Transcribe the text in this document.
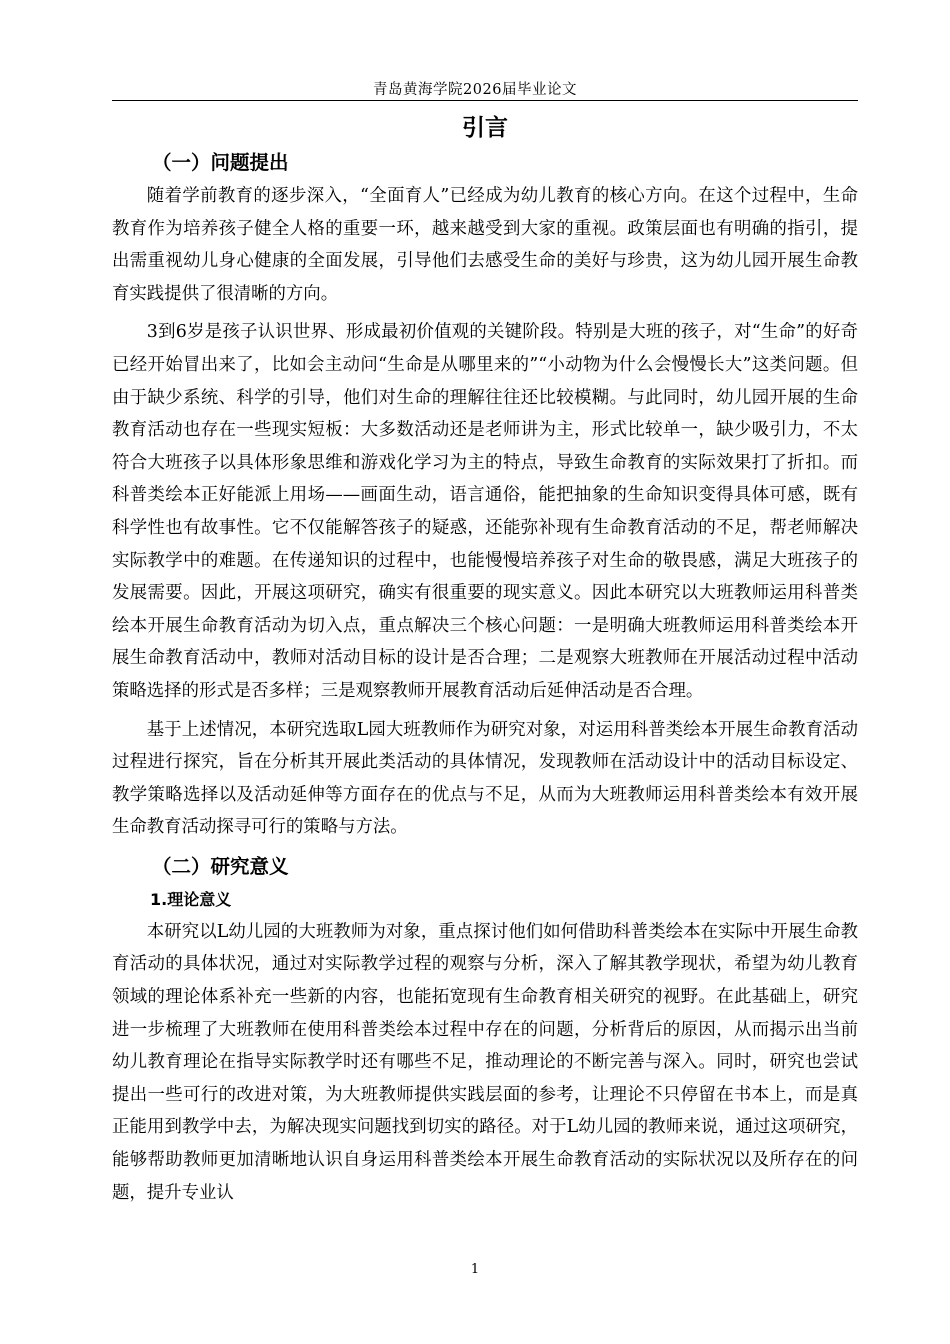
青岛黄海学院2026届毕业论文
引言
（一）问题提出

随着学前教育的逐步深入，“全面育人”已经成为幼儿教育的核心方向。在这个过程中，生命教育作为培养孩子健全人格的重要一环，越来越受到大家的重视。政策层面也有明确的指引，提出需重视幼儿身心健康的全面发展，引导他们去感受生命的美好与珍贵，这为幼儿园开展生命教育实践提供了很清晰的方向。

3到6岁是孩子认识世界、形成最初价值观的关键阶段。特别是大班的孩子，对“生命”的好奇已经开始冒出来了，比如会主动问“生命是从哪里来的”“小动物为什么会慢慢长大”这类问题。但由于缺少系统、科学的引导，他们对生命的理解往往还比较模糊。与此同时，幼儿园开展的生命教育活动也存在一些现实短板：大多数活动还是老师讲为主，形式比较单一，缺少吸引力，不太符合大班孩子以具体形象思维和游戏化学习为主的特点，导致生命教育的实际效果打了折扣。而科普类绘本正好能派上用场——画面生动，语言通俗，能把抽象的生命知识变得具体可感，既有科学性也有故事性。它不仅能解答孩子的疑惑，还能弥补现有生命教育活动的不足，帮老师解决实际教学中的难题。在传递知识的过程中，也能慢慢培养孩子对生命的敬畏感，满足大班孩子的发展需要。因此，开展这项研究，确实有很重要的现实意义。因此本研究以大班教师运用科普类绘本开展生命教育活动为切入点，重点解决三个核心问题：一是明确大班教师运用科普类绘本开展生命教育活动中，教师对活动目标的设计是否合理；二是观察大班教师在开展活动过程中活动策略选择的形式是否多样；三是观察教师开展教育活动后延伸活动是否合理。

基于上述情况，本研究选取L园大班教师作为研究对象，对运用科普类绘本开展生命教育活动过程进行探究，旨在分析其开展此类活动的具体情况，发现教师在活动设计中的活动目标设定、教学策略选择以及活动延伸等方面存在的优点与不足，从而为大班教师运用科普类绘本有效开展生命教育活动探寻可行的策略与方法。

（二）研究意义
1.理论意义

本研究以L幼儿园的大班教师为对象，重点探讨他们如何借助科普类绘本在实际中开展生命教育活动的具体状况，通过对实际教学过程的观察与分析，深入了解其教学现状，希望为幼儿教育领域的理论体系补充一些新的内容，也能拓宽现有生命教育相关研究的视野。在此基础上，研究进一步梳理了大班教师在使用科普类绘本过程中存在的问题，分析背后的原因，从而揭示出当前幼儿教育理论在指导实际教学时还有哪些不足，推动理论的不断完善与深入。同时，研究也尝试提出一些可行的改进对策，为大班教师提供实践层面的参考，让理论不只停留在书本上，而是真正能用到教学中去，为解决现实问题找到切实的路径。对于L幼儿园的教师来说，通过这项研究，能够帮助教师更加清晰地认识自身运用科普类绘本开展生命教育活动的实际状况以及所存在的问题，提升专业认

1
